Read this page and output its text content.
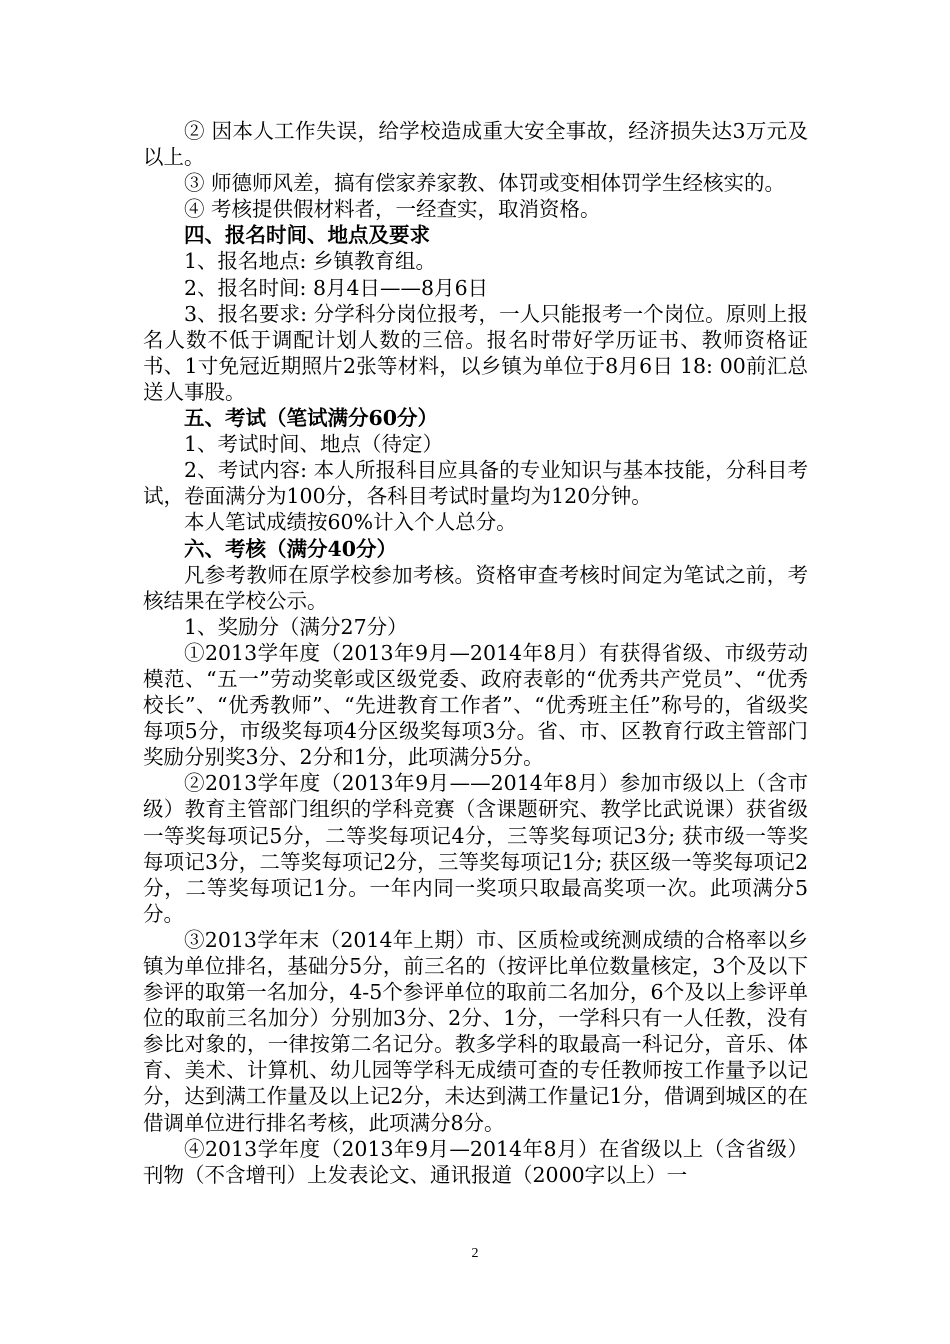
② 因本人工作失误，给学校造成重大安全事故，经济损失达3万元及以上。

③ 师德师风差，搞有偿家养家教、体罚或变相体罚学生经核实的。

④ 考核提供假材料者，一经查实，取消资格。

四、报名时间、地点及要求

1、报名地点: 乡镇教育组。

2、报名时间: 8月4日——8月6日

3、报名要求: 分学科分岗位报考，一人只能报考一个岗位。原则上报名人数不低于调配计划人数的三倍。报名时带好学历证书、教师资格证书、1寸免冠近期照片2张等材料，以乡镇为单位于8月6日 18: 00前汇总送人事股。

五、考试（笔试满分60分）

1、考试时间、地点（待定）

2、考试内容: 本人所报科目应具备的专业知识与基本技能，分科目考试，卷面满分为100分，各科目考试时量均为120分钟。

本人笔试成绩按60%计入个人总分。

六、考核（满分40分）

凡参考教师在原学校参加考核。资格审查考核时间定为笔试之前，考核结果在学校公示。

1、奖励分（满分27分）

①2013学年度（2013年9月—2014年8月）有获得省级、市级劳动模范、“五一”劳动奖彰或区级党委、政府表彰的“优秀共产党员”、“优秀校长”、“优秀教师”、“先进教育工作者”、“优秀班主任”称号的，省级奖每项5分，市级奖每项4分区级奖每项3分。省、市、区教育行政主管部门奖励分别奖3分、2分和1分，此项满分5分。

②2013学年度（2013年9月——2014年8月）参加市级以上（含市级）教育主管部门组织的学科竞赛（含课题研究、教学比武说课）获省级一等奖每项记5分，二等奖每项记4分，三等奖每项记3分; 获市级一等奖每项记3分，二等奖每项记2分，三等奖每项记1分; 获区级一等奖每项记2分，二等奖每项记1分。一年内同一奖项只取最高奖项一次。此项满分5分。

③2013学年末（2014年上期）市、区质检或统测成绩的合格率以乡镇为单位排名，基础分5分，前三名的（按评比单位数量核定，3个及以下参评的取第一名加分，4-5个参评单位的取前二名加分，6个及以上参评单位的取前三名加分）分别加3分、2分、1分，一学科只有一人任教，没有参比对象的，一律按第二名记分。教多学科的取最高一科记分，音乐、体育、美术、计算机、幼儿园等学科无成绩可查的专任教师按工作量予以记分，达到满工作量及以上记2分，未达到满工作量记1分，借调到城区的在借调单位进行排名考核，此项满分8分。

④2013学年度（2013年9月—2014年8月）在省级以上（含省级）刊物（不含增刊）上发表论文、通讯报道（2000字以上）一

2
